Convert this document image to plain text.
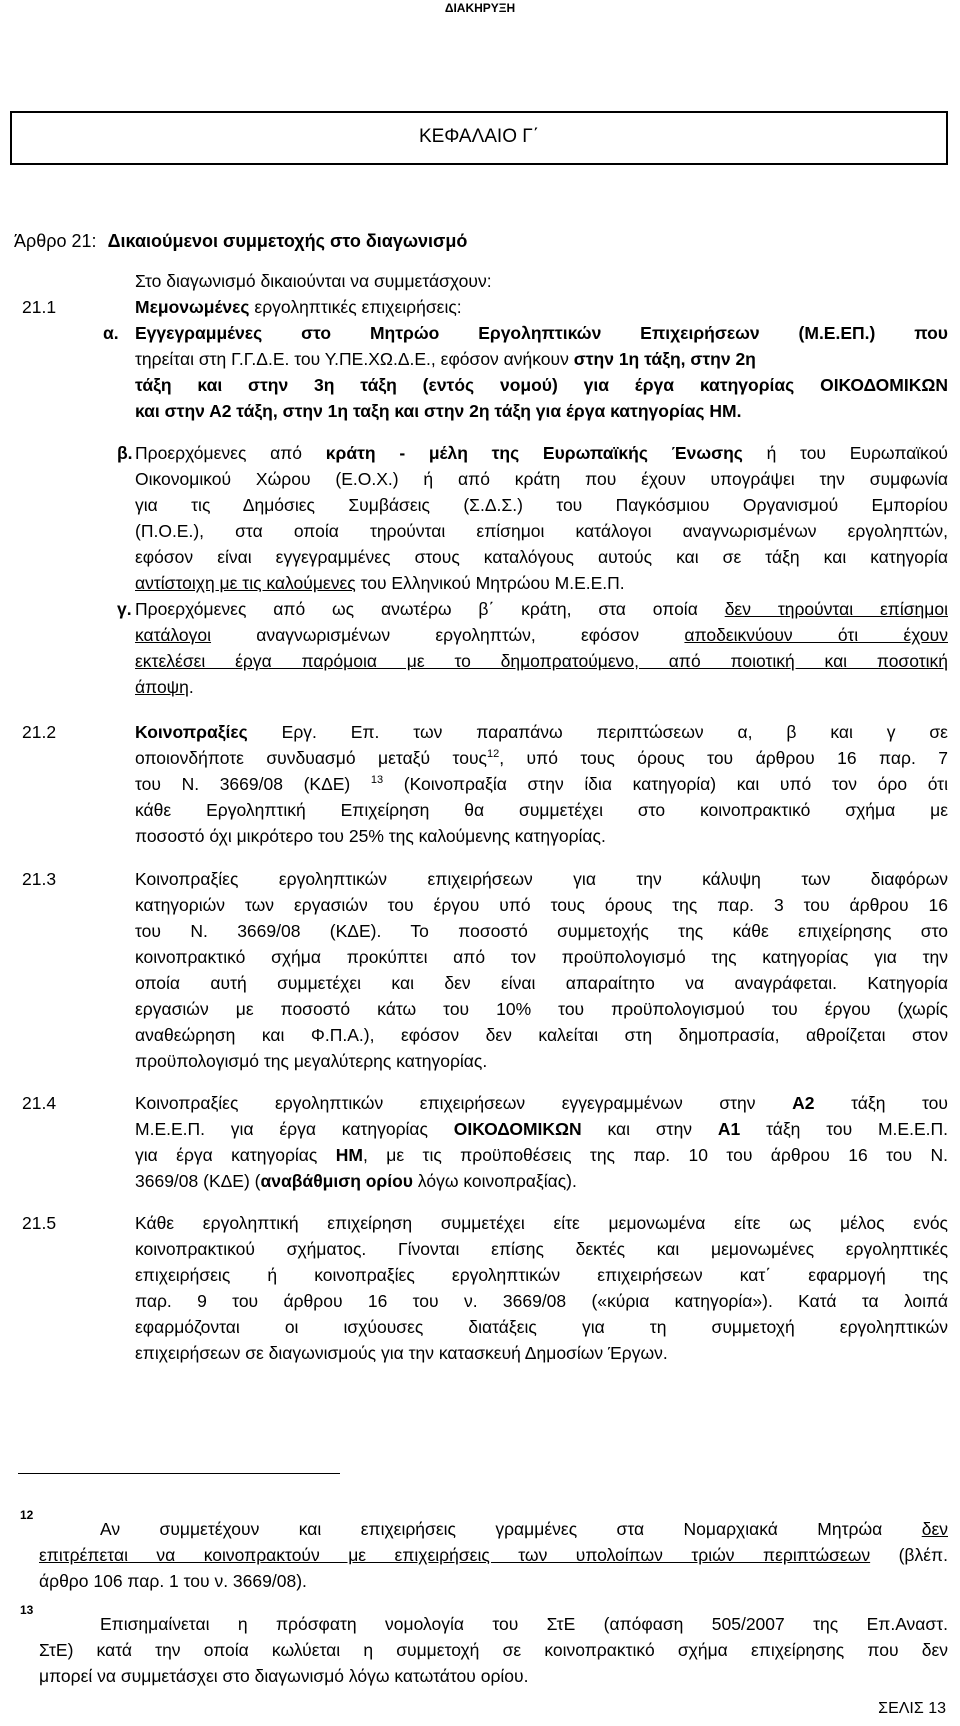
ΔΙΑΚΗΡΥΞΗ
ΚΕΦΑΛΑΙΟ Γ΄
Άρθρο 21: Δικαιούμενοι συμμετοχής στο διαγωνισμό
Στο διαγωνισμό δικαιούνται να συμμετάσχουν:
21.1	Μεμονωμένες εργοληπτικές επιχειρήσεις:
α. Εγγεγραμμένες στο Μητρώο Εργοληπτικών Επιχειρήσεων (Μ.Ε.ΕΠ.) που
τηρείται στη Γ.Γ.Δ.Ε. του Υ.ΠΕ.ΧΩ.Δ.Ε., εφόσον ανήκουν στην 1η τάξη, στην 2η
τάξη και στην 3η τάξη (εντός νομού) για έργα κατηγορίας ΟΙΚΟΔΟΜΙΚΩΝ
και στην Α2 τάξη, στην 1η ταξη και στην 2η τάξη για έργα κατηγορίας ΗΜ.
β. Προερχόμενες από κράτη - μέλη της Ευρωπαϊκής Ένωσης ή του Ευρωπαϊκού
Οικονομικού Χώρου (Ε.Ο.Χ.) ή από κράτη που έχουν υπογράψει την συμφωνία
για τις Δημόσιες Συμβάσεις (Σ.Δ.Σ.) του Παγκόσμιου Οργανισμού Εμπορίου
(Π.Ο.Ε.), στα οποία τηρούνται επίσημοι κατάλογοι αναγνωρισμένων εργοληπτών,
εφόσον είναι εγγεγραμμένες στους καταλόγους αυτούς και σε τάξη και κατηγορία
αντίστοιχη με τις καλούμενες του Ελληνικού Μητρώου Μ.Ε.Ε.Π.
γ. Προερχόμενες από ως ανωτέρω β΄ κράτη, στα οποία δεν τηρούνται επίσημοι
κατάλογοι	αναγνωρισμένων εργοληπτών, εφόσον	αποδεικνύουν ότι έχουν
εκτελέσει έργα παρόμοια με το δημοπρατούμενο, από ποιοτική και ποσοτική
άποψη.
21.2	Κοινοπραξίες Εργ. Επ. των παραπάνω περιπτώσεων α, β και γ σε
οποιονδήποτε συνδυασμό μεταξύ τους$^{12}$, υπό τους όρους του άρθρου 16 παρ. 7
του Ν. 3669/08 (ΚΔΕ) $^{13}$ (Κοινοπραξία στην ίδια κατηγορία) και υπό τον όρο ότι
κάθε Εργοληπτική Επιχείρηση θα συμμετέχει στο κοινοπρακτικό σχήμα με
ποσοστό όχι μικρότερο του 25% της καλούμενης κατηγορίας.
21.3	Κοινοπραξίες εργοληπτικών επιχειρήσεων για την κάλυψη των διαφόρων
κατηγοριών των εργασιών του έργου υπό τους όρους της παρ. 3 του άρθρου 16
του Ν. 3669/08 (ΚΔΕ). Το ποσοστό συμμετοχής της κάθε επιχείρησης στο
κοινοπρακτικό σχήμα προκύπτει από τον προϋπολογισμό της κατηγορίας για την
οποία αυτή συμμετέχει και δεν είναι απαραίτητο να αναγράφεται. Κατηγορία
εργασιών με ποσοστό κάτω του 10% του προϋπολογισμού του έργου (χωρίς
αναθεώρηση και Φ.Π.Α.), εφόσον δεν καλείται στη δημοπρασία, αθροίζεται στον
προϋπολογισμό της μεγαλύτερης κατηγορίας.
21.4	Κοινοπραξίες εργοληπτικών επιχειρήσεων εγγεγραμμένων στην Α2 τάξη του
Μ.Ε.Ε.Π. για έργα κατηγορίας ΟΙΚΟΔΟΜΙΚΩΝ και στην Α1 τάξη του Μ.Ε.Ε.Π.
για έργα κατηγορίας ΗΜ, με τις προϋποθέσεις της παρ. 10 του άρθρου 16 του Ν.
3669/08 (ΚΔΕ) (αναβάθμιση ορίου λόγω κοινοπραξίας).
21.5	Κάθε εργοληπτική επιχείρηση συμμετέχει είτε μεμονωμένα είτε ως μέλος ενός
κοινοπρακτικού σχήματος. Γίνονται επίσης δεκτές και μεμονωμένες εργοληπτικές
επιχειρήσεις ή κοινοπραξίες εργοληπτικών επιχειρήσεων κατ΄ εφαρμογή της
παρ. 9 του άρθρου 16 του ν. 3669/08 («κύρια κατηγορία»). Κατά τα λοιπά
εφαρμόζονται οι ισχύουσες διατάξεις για τη συμμετοχή εργοληπτικών
επιχειρήσεων σε διαγωνισμούς για την κατασκευή Δημοσίων Έργων.
12
Αν συμμετέχουν και επιχειρήσεις γραμμένες στα Νομαρχιακά Μητρώα δεν
επιτρέπεται να κοινοπρακτούν με επιχειρήσεις των υπολοίπων τριών περιπτώσεων (βλέπ.
άρθρο 106 παρ. 1 του ν. 3669/08).
13
Επισημαίνεται η πρόσφατη νομολογία του ΣτΕ (απόφαση 505/2007 της Επ.Αναστ.
ΣτΕ) κατά την οποία κωλύεται η συμμετοχή σε κοινοπρακτικό σχήμα επιχείρησης που δεν
μπορεί να συμμετάσχει στο διαγωνισμό λόγω κατωτάτου ορίου.
ΣΕΛΙΣ 13
